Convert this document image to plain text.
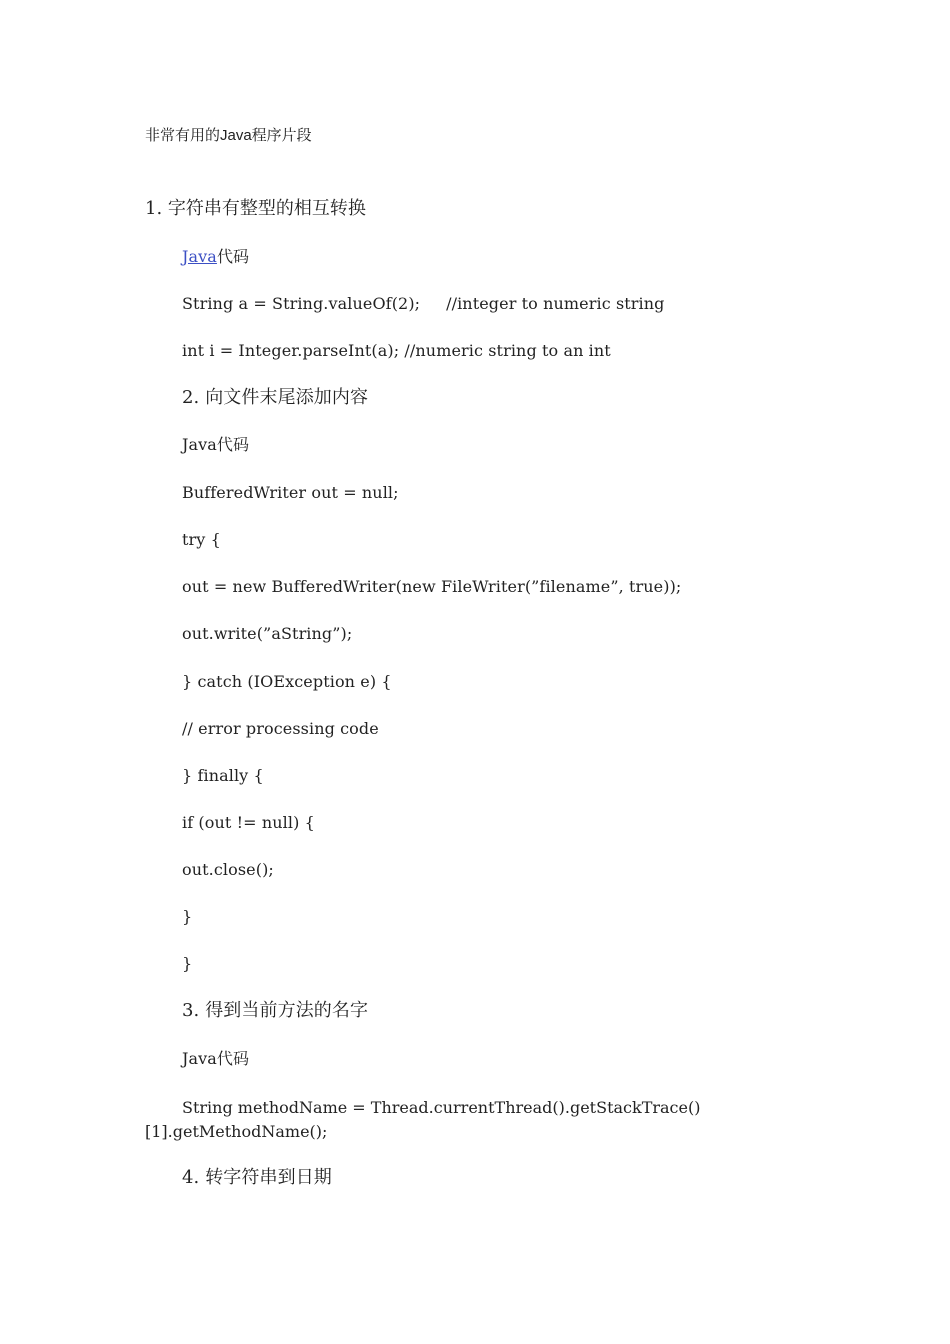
非常有用的Java程序片段
1. 字符串有整型的相互转换
Java代码
String a = String.valueOf(2);     //integer to numeric string
int i = Integer.parseInt(a); //numeric string to an int
2. 向文件末尾添加内容
Java代码
BufferedWriter out = null;
try {
out = new BufferedWriter(new FileWriter(”filename”, true));
out.write(”aString”);
} catch (IOException e) {
// error processing code
} finally {
if (out != null) {
out.close();
}
}
3. 得到当前方法的名字
Java代码
String methodName = Thread.currentThread().getStackTrace()[1].getMethodName();
4. 转字符串到日期
